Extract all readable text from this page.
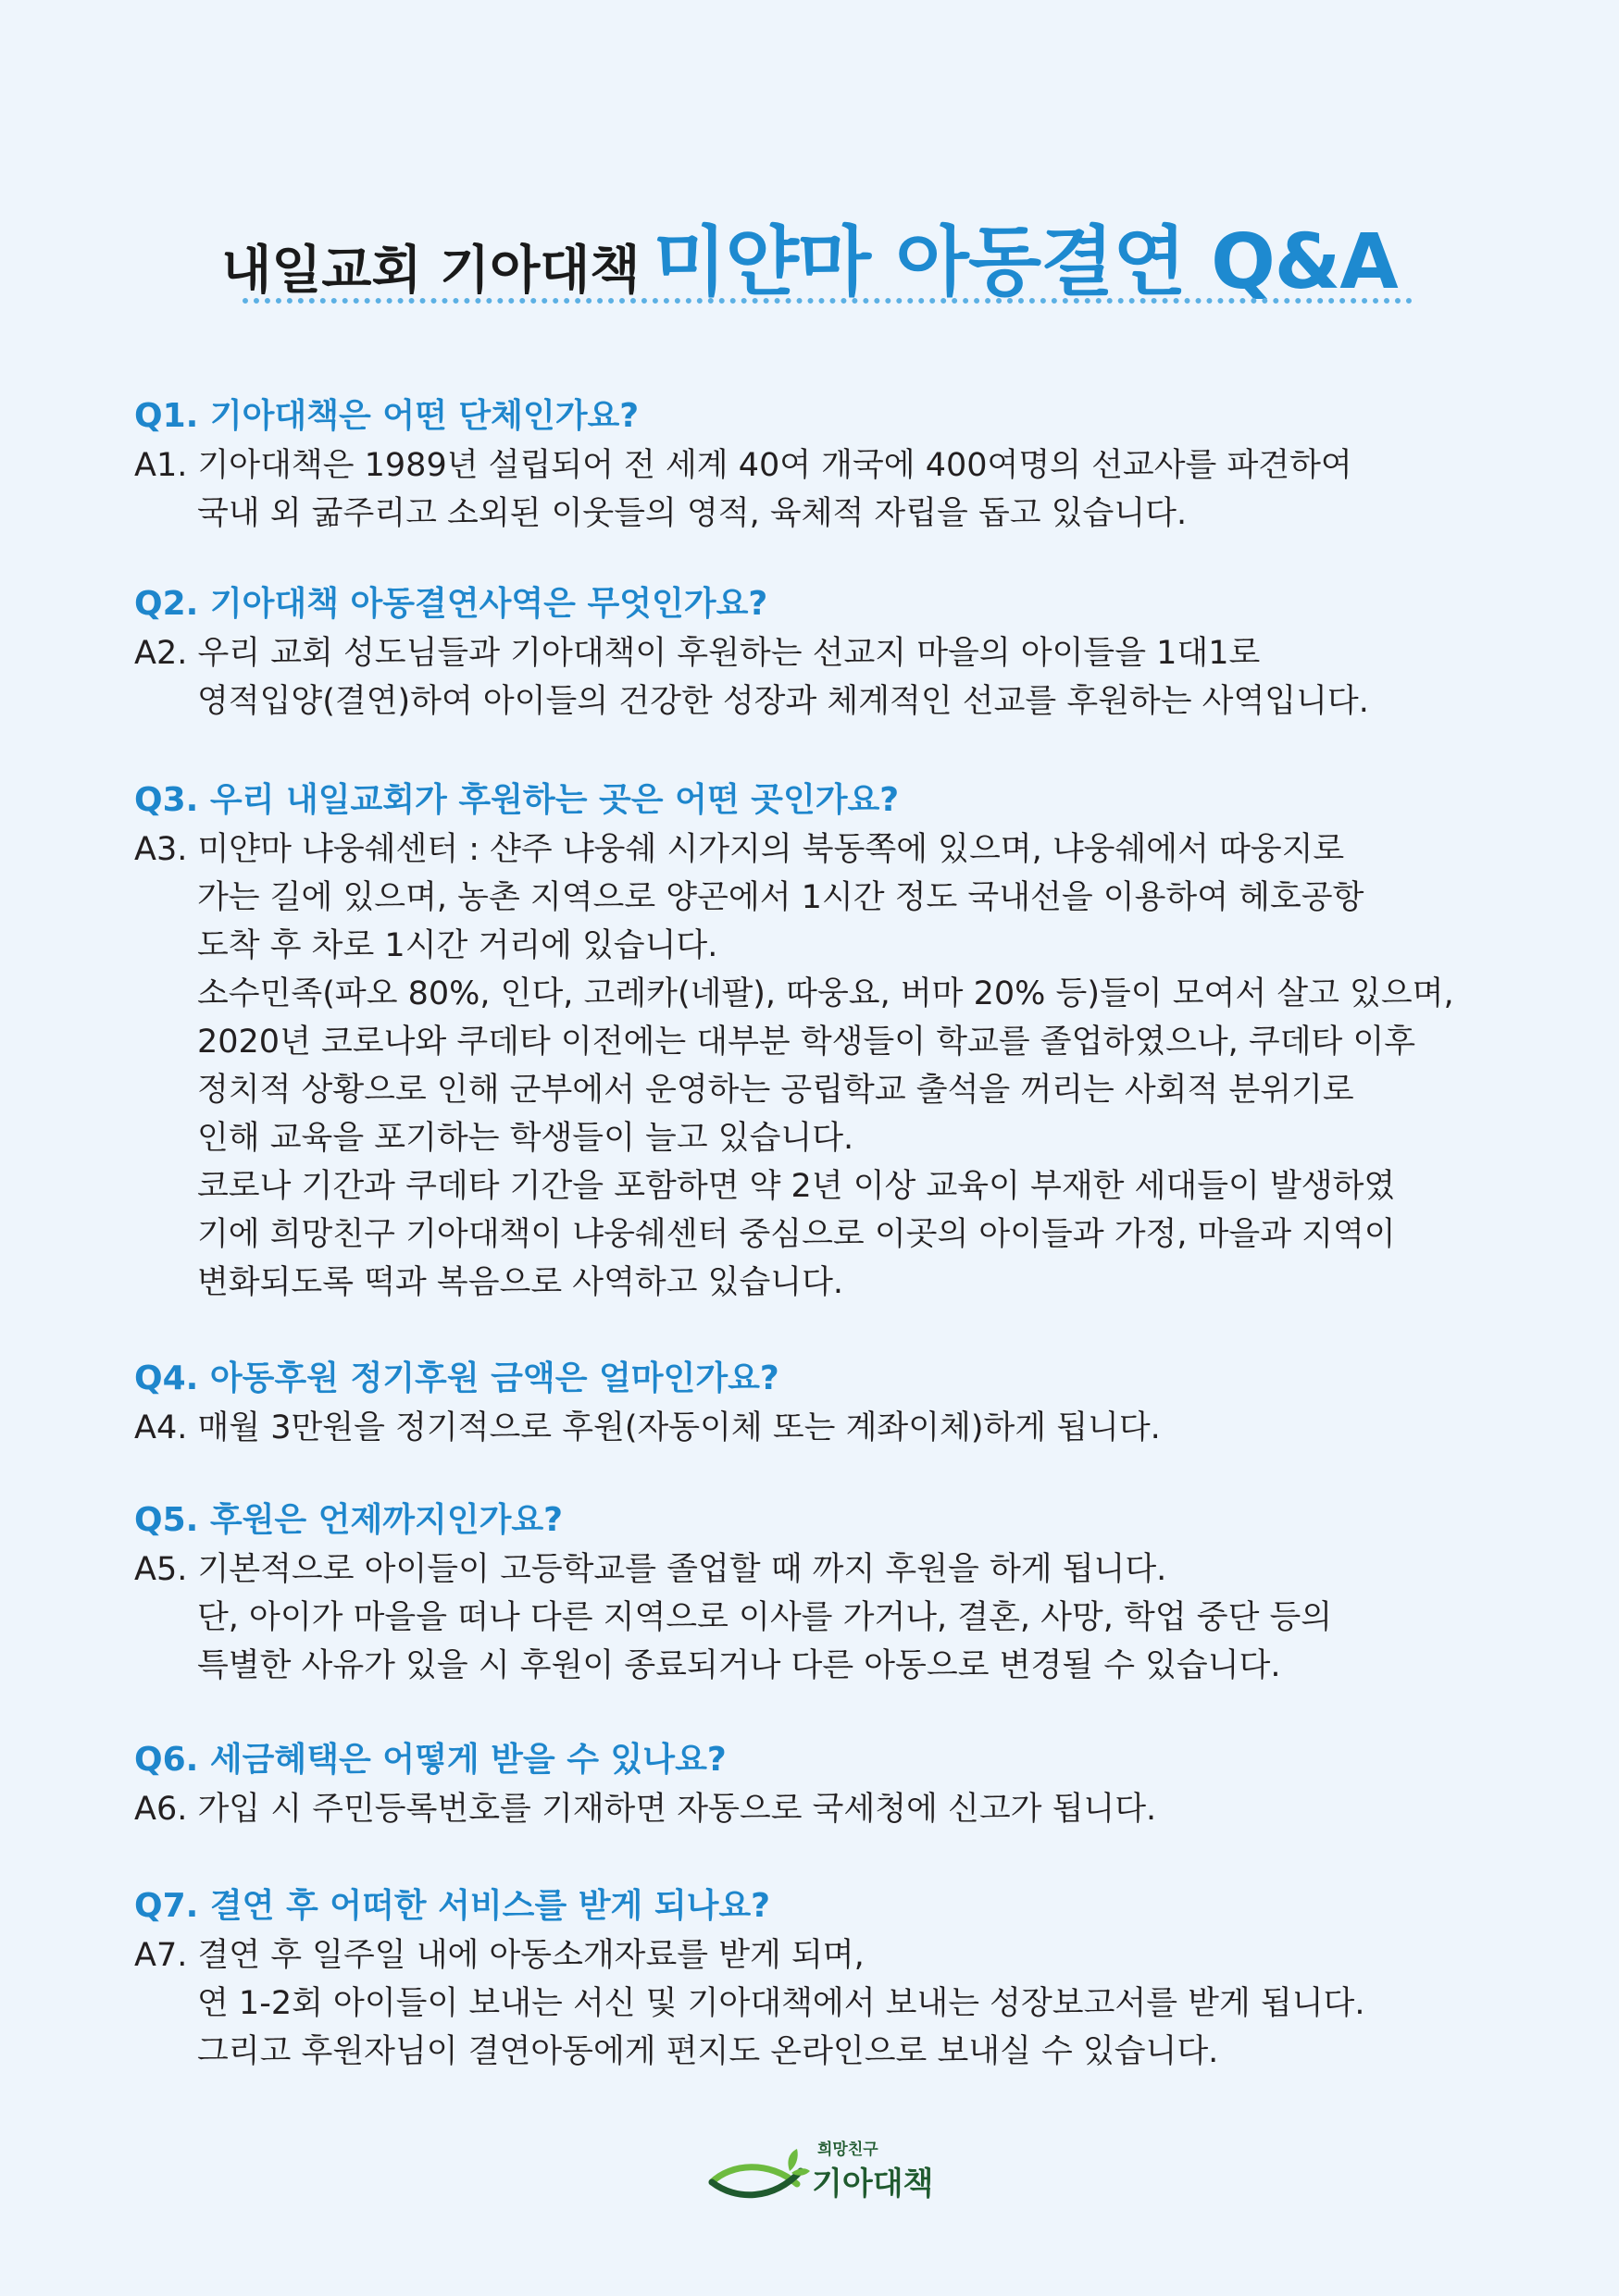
내일교회 기아대책 미얀마 아동결연 Q&A
Q1. 기아대책은 어떤 단체인가요?
A1. 기아대책은 1989년 설립되어 전 세계 40여 개국에 400여명의 선교사를 파견하여
국내 외 굶주리고 소외된 이웃들의 영적, 육체적 자립을 돕고 있습니다.
Q2. 기아대책 아동결연사역은 무엇인가요?
A2. 우리 교회 성도님들과 기아대책이 후원하는 선교지 마을의 아이들을 1대1로
영적입양(결연)하여 아이들의 건강한 성장과 체계적인 선교를 후원하는 사역입니다.
Q3. 우리 내일교회가 후원하는 곳은 어떤 곳인가요?
A3. 미얀마 냐웅쉐센터 : 샨주 냐웅쉐 시가지의 북동쪽에 있으며, 냐웅쉐에서 따웅지로
가는 길에 있으며, 농촌 지역으로 양곤에서 1시간 정도 국내선을 이용하여 헤호공항
도착 후 차로 1시간 거리에 있습니다.
소수민족(파오 80%, 인다, 고레카(네팔), 따웅요, 버마 20% 등)들이 모여서 살고 있으며,
2020년 코로나와 쿠데타 이전에는 대부분 학생들이 학교를 졸업하였으나, 쿠데타 이후
정치적 상황으로 인해 군부에서 운영하는 공립학교 출석을 꺼리는 사회적 분위기로
인해 교육을 포기하는 학생들이 늘고 있습니다.
코로나 기간과 쿠데타 기간을 포함하면 약 2년 이상 교육이 부재한 세대들이 발생하였
기에 희망친구 기아대책이 냐웅쉐센터 중심으로 이곳의 아이들과 가정, 마을과 지역이
변화되도록 떡과 복음으로 사역하고 있습니다.
Q4. 아동후원 정기후원 금액은 얼마인가요?
A4. 매월 3만원을 정기적으로 후원(자동이체 또는 계좌이체)하게 됩니다.
Q5. 후원은 언제까지인가요?
A5. 기본적으로 아이들이 고등학교를 졸업할 때 까지 후원을 하게 됩니다.
단, 아이가 마을을 떠나 다른 지역으로 이사를 가거나, 결혼, 사망, 학업 중단 등의
특별한 사유가 있을 시 후원이 종료되거나 다른 아동으로 변경될 수 있습니다.
Q6. 세금혜택은 어떻게 받을 수 있나요?
A6. 가입 시 주민등록번호를 기재하면 자동으로 국세청에 신고가 됩니다.
Q7. 결연 후 어떠한 서비스를 받게 되나요?
A7. 결연 후 일주일 내에 아동소개자료를 받게 되며,
연 1-2회 아이들이 보내는 서신 및 기아대책에서 보내는 성장보고서를 받게 됩니다.
그리고 후원자님이 결연아동에게 편지도 온라인으로 보내실 수 있습니다.
희망친구
기아대책
